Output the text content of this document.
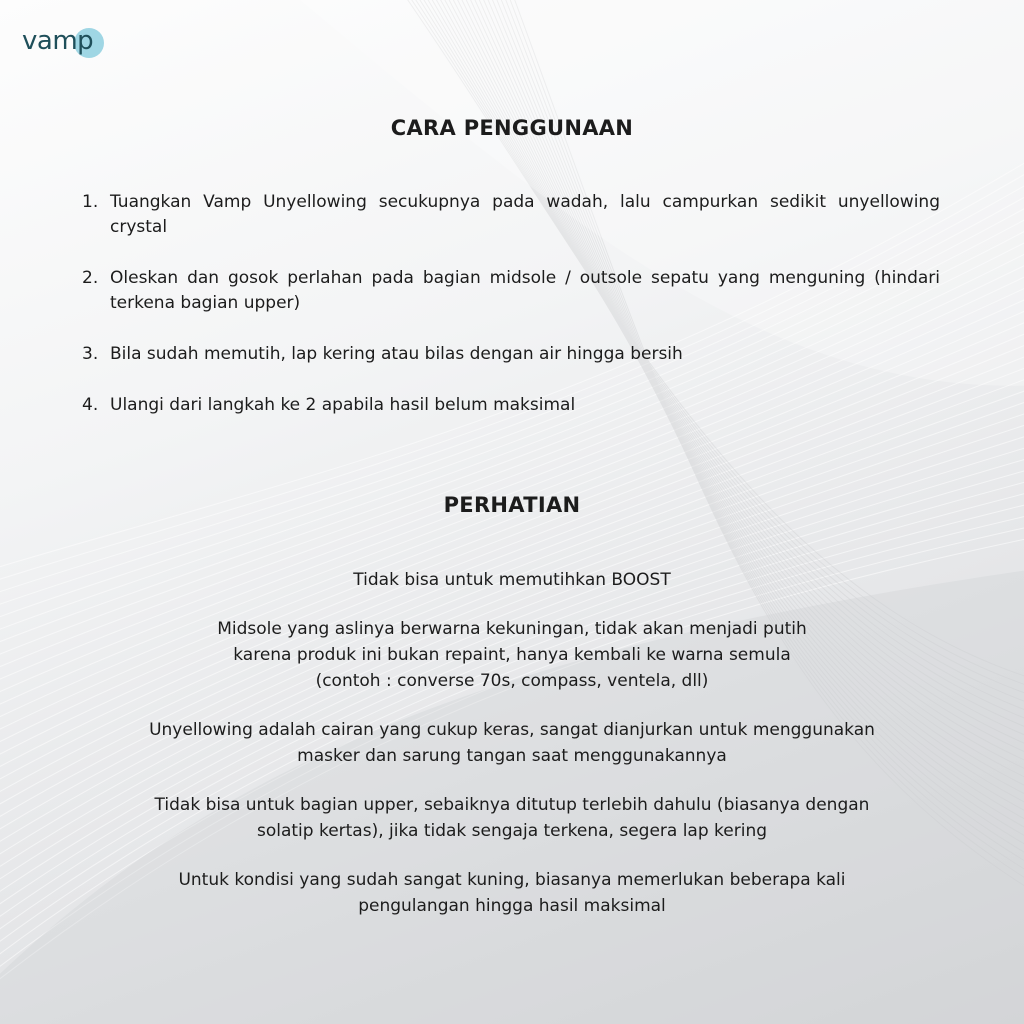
vamp
CARA PENGGUNAAN
1. Tuangkan Vamp Unyellowing secukupnya pada wadah, lalu campurkan sedikit unyellowing crystal
2. Oleskan dan gosok perlahan pada bagian midsole / outsole sepatu yang menguning (hindari terkena bagian upper)
3. Bila sudah memutih, lap kering atau bilas dengan air hingga bersih
4. Ulangi dari langkah ke 2 apabila hasil belum maksimal
PERHATIAN

Tidak bisa untuk memutihkan BOOST

Midsole yang aslinya berwarna kekuningan, tidak akan menjadi putih
karena produk ini bukan repaint, hanya kembali ke warna semula
(contoh : converse 70s, compass, ventela, dll)

Unyellowing adalah cairan yang cukup keras, sangat dianjurkan untuk menggunakan
masker dan sarung tangan saat menggunakannya

Tidak bisa untuk bagian upper, sebaiknya ditutup terlebih dahulu (biasanya dengan
solatip kertas), jika tidak sengaja terkena, segera lap kering

Untuk kondisi yang sudah sangat kuning, biasanya memerlukan beberapa kali
pengulangan hingga hasil maksimal
